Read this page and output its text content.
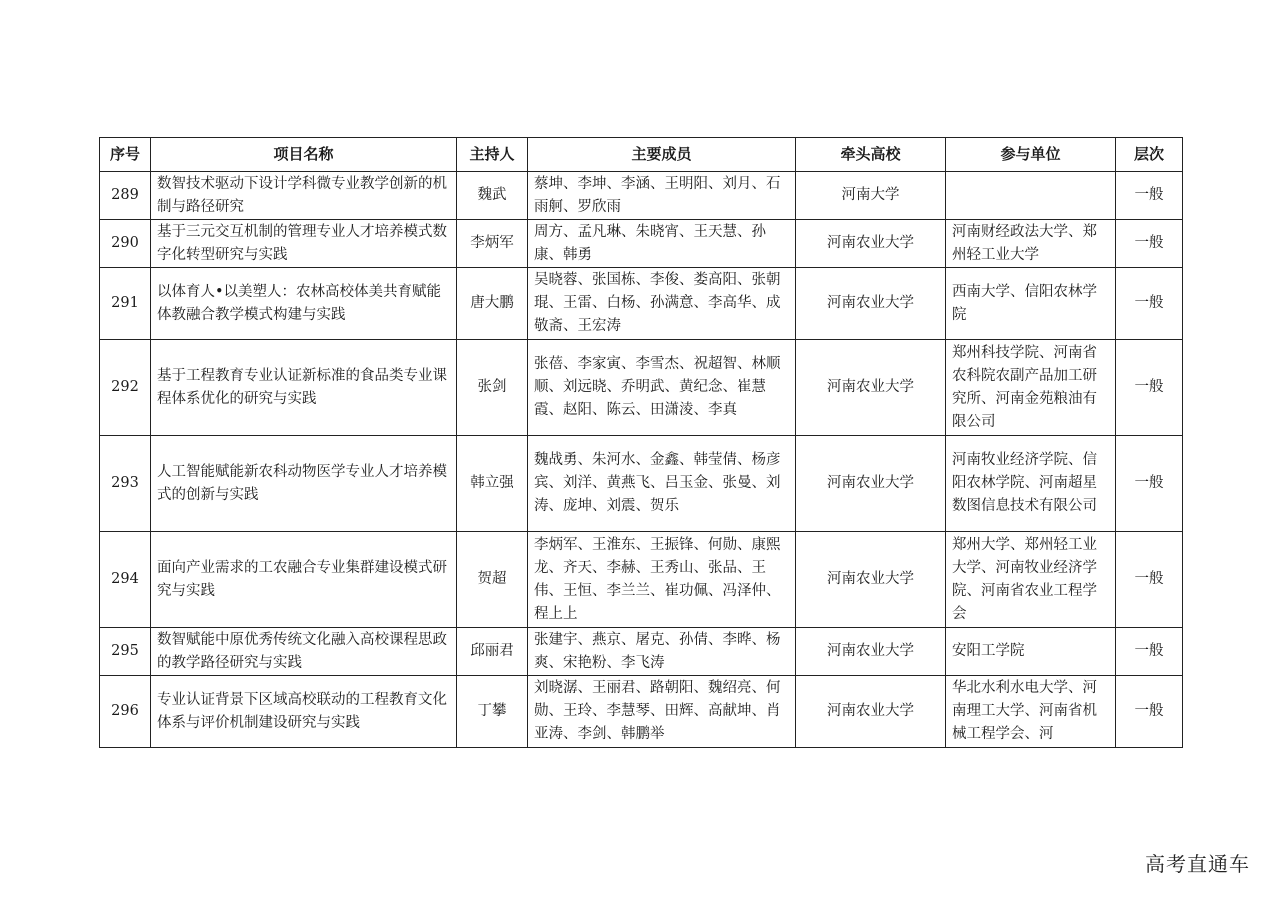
序号	项目名称	主持人	主要成员	牵头高校	参与单位	层次
289	数智技术驱动下设计学科微专业教学创新的机制与路径研究	魏武	蔡坤、李坤、李涵、王明阳、刘月、石雨舸、罗欣雨	河南大学		一般
290	基于三元交互机制的管理专业人才培养模式数字化转型研究与实践	李炳军	周方、孟凡琳、朱晓宵、王天慧、孙康、韩勇	河南农业大学	河南财经政法大学、郑州轻工业大学	一般
291	以体育人•以美塑人：农林高校体美共育赋能体教融合教学模式构建与实践	唐大鹏	吴晓蓉、张国栋、李俊、娄高阳、张朝琨、王雷、白杨、孙满意、李高华、成敬斋、王宏涛	河南农业大学	西南大学、信阳农林学院	一般
292	基于工程教育专业认证新标准的食品类专业课程体系优化的研究与实践	张剑	张蓓、李家寅、李雪杰、祝超智、林顺顺、刘远晓、乔明武、黄纪念、崔慧霞、赵阳、陈云、田潇淩、李真	河南农业大学	郑州科技学院、河南省农科院农副产品加工研究所、河南金苑粮油有限公司	一般
293	人工智能赋能新农科动物医学专业人才培养模式的创新与实践	韩立强	魏战勇、朱河水、金鑫、韩莹倩、杨彦宾、刘洋、黄燕飞、吕玉金、张曼、刘涛、庞坤、刘震、贺乐	河南农业大学	河南牧业经济学院、信阳农林学院、河南超星数图信息技术有限公司	一般
294	面向产业需求的工农融合专业集群建设模式研究与实践	贺超	李炳军、王淮东、王振锋、何勋、康熙龙、齐天、李赫、王秀山、张品、王伟、王恒、李兰兰、崔功佩、冯泽仲、程上上	河南农业大学	郑州大学、郑州轻工业大学、河南牧业经济学院、河南省农业工程学会	一般
295	数智赋能中原优秀传统文化融入高校课程思政的教学路径研究与实践	邱丽君	张建宇、燕京、屠克、孙倩、李晔、杨爽、宋艳粉、李飞涛	河南农业大学	安阳工学院	一般
296	专业认证背景下区域高校联动的工程教育文化体系与评价机制建设研究与实践	丁攀	刘晓潺、王丽君、路朝阳、魏绍亮、何勋、王玲、李慧琴、田辉、高献坤、肖亚涛、李剑、韩鹏举	河南农业大学	华北水利水电大学、河南理工大学、河南省机械工程学会、河	一般
高考直通车
